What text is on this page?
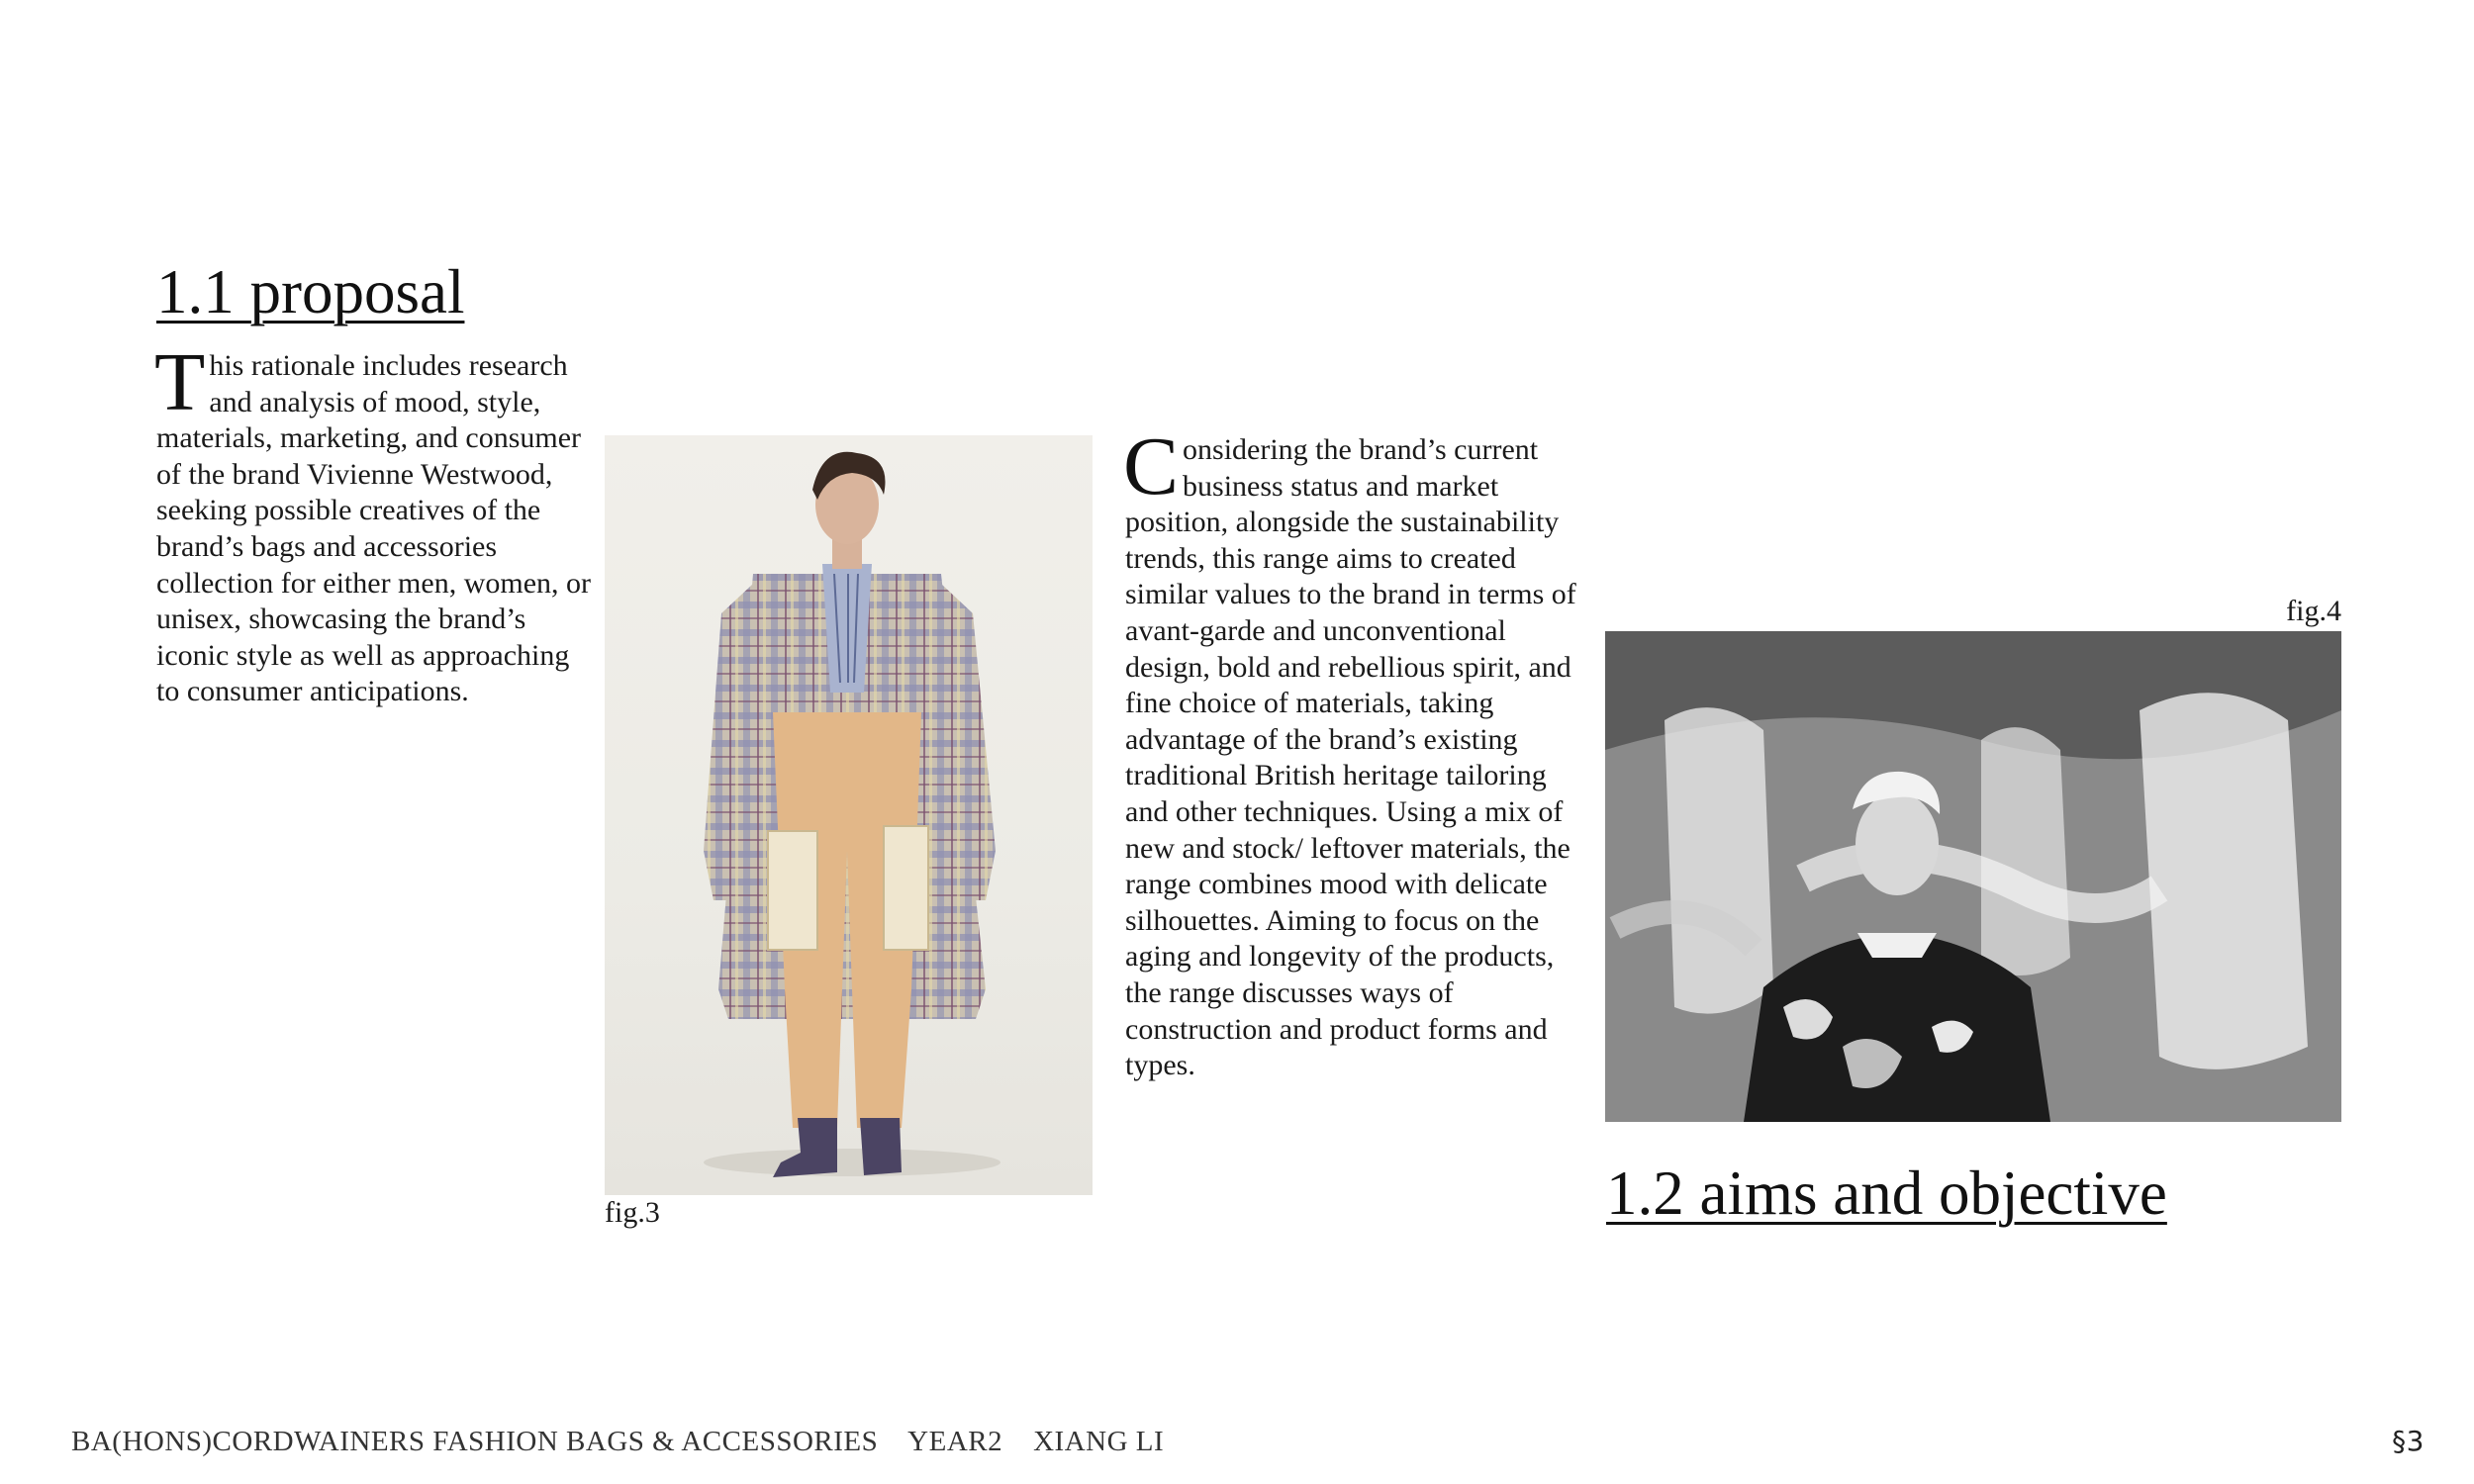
1.1 proposal

T his rationale includes research and analysis of mood, style, materials, marketing, and consumer of the brand Vivienne Westwood, seeking possible creatives of the brand’s bags and accessories collection for either men, women, or unisex, showcasing the brand’s iconic style as well as approaching to consumer anticipations.

fig.3

C onsidering the brand’s current business status and market position, alongside the sustainability trends, this range aims to created similar values to the brand in terms of avant-garde and unconventional design, bold and rebellious spirit, and fine choice of materials, taking advantage of the brand’s existing traditional British heritage tailoring and other techniques. Using a mix of new and stock/ leftover materials, the range combines mood with delicate silhouettes. Aiming to focus on the aging and longevity of the products, the range discusses ways of construction and product forms and types.

fig.4
1.2 aims and objective
BA(HONS)CORDWAINERS FASHION BAGS & ACCESSORIES    YEAR2    XIANG LI	§3
